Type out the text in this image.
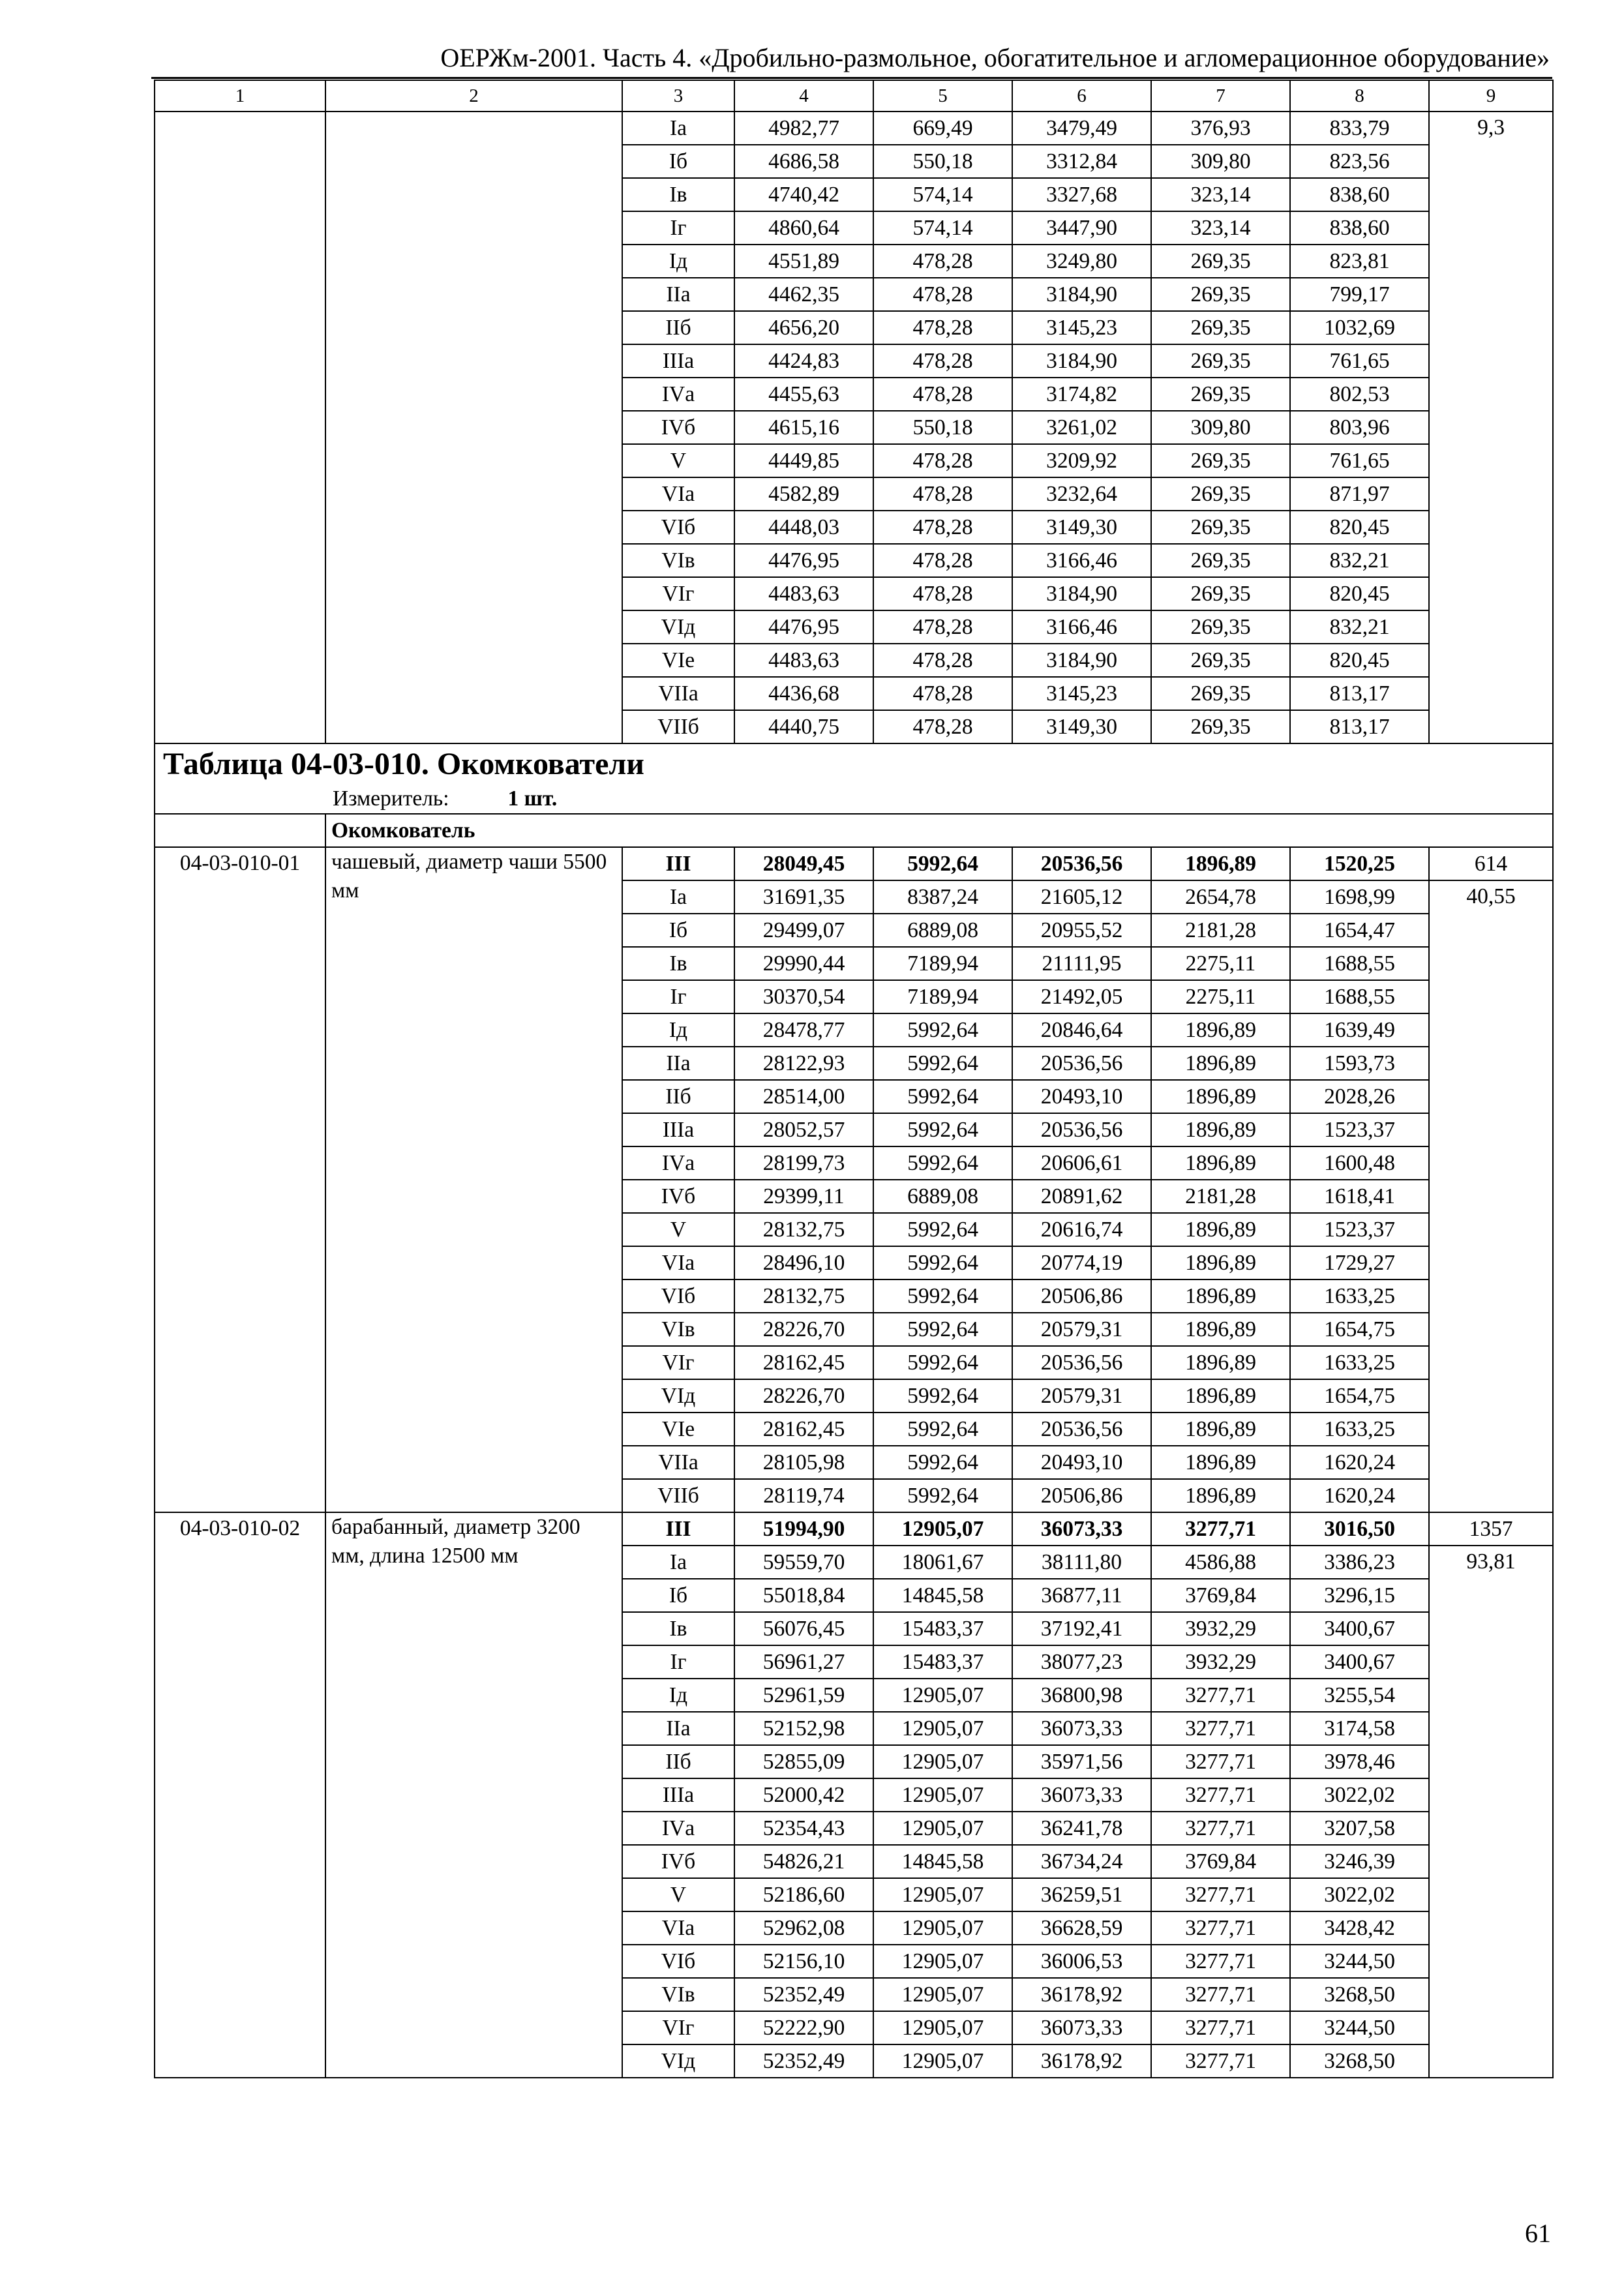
ОЕРЖм-2001. Часть 4. «Дробильно-размольное, обогатительное и агломерационное оборудование»
1	2	3	4	5	6	7	8	9
		Iа	4982,77	669,49	3479,49	376,93	833,79	9,3
		Iб	4686,58	550,18	3312,84	309,80	823,56	
		Iв	4740,42	574,14	3327,68	323,14	838,60	
		Iг	4860,64	574,14	3447,90	323,14	838,60	
		Iд	4551,89	478,28	3249,80	269,35	823,81	
		IIа	4462,35	478,28	3184,90	269,35	799,17	
		IIб	4656,20	478,28	3145,23	269,35	1032,69	
		IIIа	4424,83	478,28	3184,90	269,35	761,65	
		IVа	4455,63	478,28	3174,82	269,35	802,53	
		IVб	4615,16	550,18	3261,02	309,80	803,96	
		V	4449,85	478,28	3209,92	269,35	761,65	
		VIа	4582,89	478,28	3232,64	269,35	871,97	
		VIб	4448,03	478,28	3149,30	269,35	820,45	
		VIв	4476,95	478,28	3166,46	269,35	832,21	
		VIг	4483,63	478,28	3184,90	269,35	820,45	
		VIд	4476,95	478,28	3166,46	269,35	832,21	
		VIе	4483,63	478,28	3184,90	269,35	820,45	
		VIIа	4436,68	478,28	3145,23	269,35	813,17	
		VIIб	4440,75	478,28	3149,30	269,35	813,17	

Таблица 04-03-010. Окомкователи
Измеритель: 1 шт.								

	Окомкователь							
04-03-010-01	чашевый, диаметр чаши 5500 мм	III	28049,45	5992,64	20536,56	1896,89	1520,25	614
		Iа	31691,35	8387,24	21605,12	2654,78	1698,99	40,55
		Iб	29499,07	6889,08	20955,52	2181,28	1654,47	
		Iв	29990,44	7189,94	21111,95	2275,11	1688,55	
		Iг	30370,54	7189,94	21492,05	2275,11	1688,55	
		Iд	28478,77	5992,64	20846,64	1896,89	1639,49	
		IIа	28122,93	5992,64	20536,56	1896,89	1593,73	
		IIб	28514,00	5992,64	20493,10	1896,89	2028,26	
		IIIа	28052,57	5992,64	20536,56	1896,89	1523,37	
		IVа	28199,73	5992,64	20606,61	1896,89	1600,48	
		IVб	29399,11	6889,08	20891,62	2181,28	1618,41	
		V	28132,75	5992,64	20616,74	1896,89	1523,37	
		VIа	28496,10	5992,64	20774,19	1896,89	1729,27	
		VIб	28132,75	5992,64	20506,86	1896,89	1633,25	
		VIв	28226,70	5992,64	20579,31	1896,89	1654,75	
		VIг	28162,45	5992,64	20536,56	1896,89	1633,25	
		VIд	28226,70	5992,64	20579,31	1896,89	1654,75	
		VIе	28162,45	5992,64	20536,56	1896,89	1633,25	
		VIIа	28105,98	5992,64	20493,10	1896,89	1620,24	
		VIIб	28119,74	5992,64	20506,86	1896,89	1620,24	
04-03-010-02	барабанный, диаметр 3200 мм, длина 12500 мм	III	51994,90	12905,07	36073,33	3277,71	3016,50	1357
		Iа	59559,70	18061,67	38111,80	4586,88	3386,23	93,81
		Iб	55018,84	14845,58	36877,11	3769,84	3296,15	
		Iв	56076,45	15483,37	37192,41	3932,29	3400,67	
		Iг	56961,27	15483,37	38077,23	3932,29	3400,67	
		Iд	52961,59	12905,07	36800,98	3277,71	3255,54	
		IIа	52152,98	12905,07	36073,33	3277,71	3174,58	
		IIб	52855,09	12905,07	35971,56	3277,71	3978,46	
		IIIа	52000,42	12905,07	36073,33	3277,71	3022,02	
		IVа	52354,43	12905,07	36241,78	3277,71	3207,58	
		IVб	54826,21	14845,58	36734,24	3769,84	3246,39	
		V	52186,60	12905,07	36259,51	3277,71	3022,02	
		VIа	52962,08	12905,07	36628,59	3277,71	3428,42	
		VIб	52156,10	12905,07	36006,53	3277,71	3244,50	
		VIв	52352,49	12905,07	36178,92	3277,71	3268,50	
		VIг	52222,90	12905,07	36073,33	3277,71	3244,50	
		VIд	52352,49	12905,07	36178,92	3277,71	3268,50	
61
